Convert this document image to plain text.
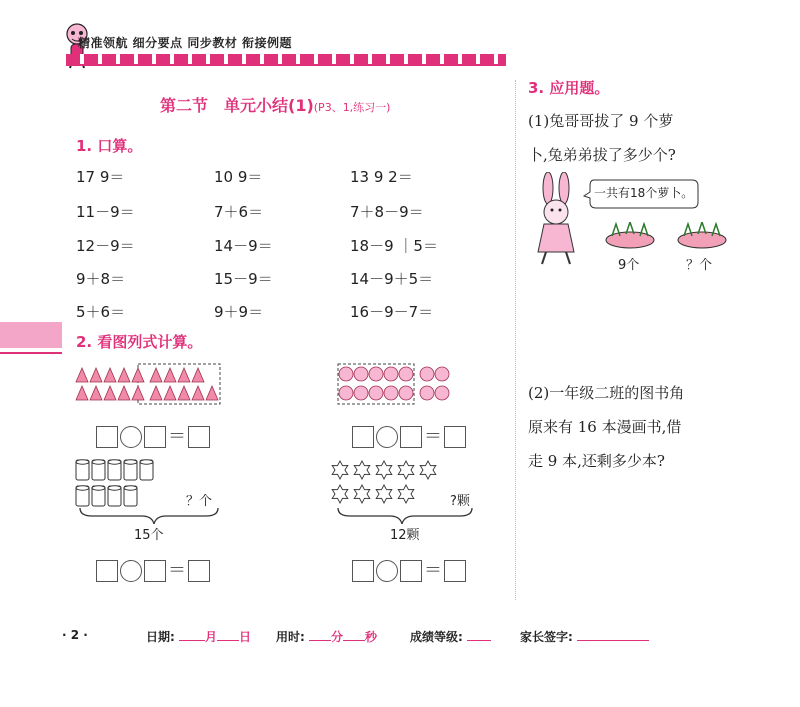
精准领航 细分要点 同步教材 衔接例题
第二节　单元小结(1)(P3、1,练习一)
1. 口算。
17 9＝	10 9＝	13 9 2＝
11－9＝	7＋6＝	7＋8－9＝
12－9＝	14－9＝	18－9 ｜5＝
9＋8＝	15－9＝	14－9＋5＝
5＋6＝	9＋9＝	16－9－7＝
2. 看图列式计算。
＝	＝
？个
15个
＝
?颗
12颗
＝
3. 应用题。
(1)兔哥哥拔了 9 个萝
卜,兔弟弟拔了多少个?
一共有18个萝卜。
9个	？个
(2)一年级二班的图书角
原来有 16 本漫画书,借
走 9 本,还剩多少本?
· 2 ·	日期:	月 日 用时: 分 秒	成绩等级:	家长签字:
